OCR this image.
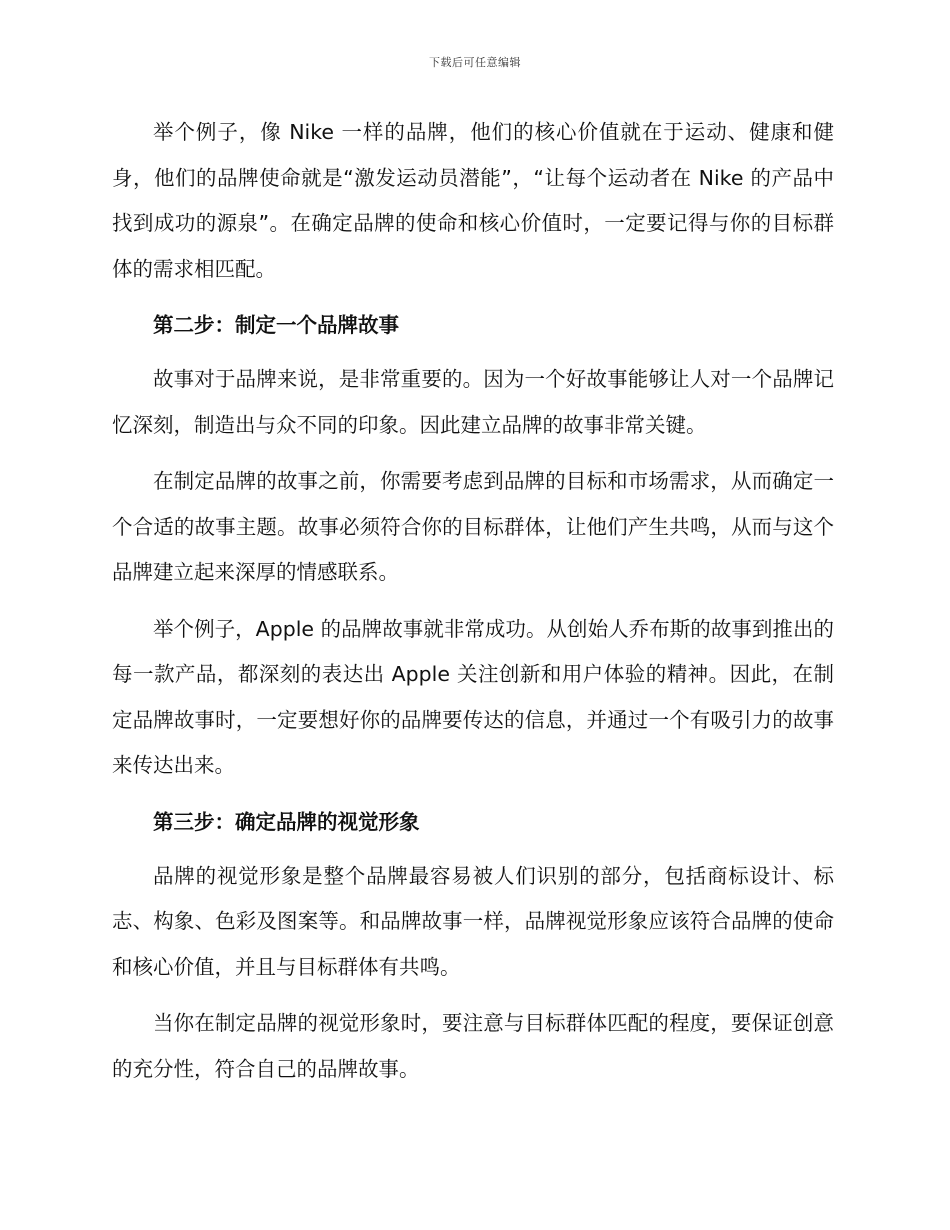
下载后可任意编辑

举个例子，像 Nike 一样的品牌，他们的核心价值就在于运动、健康和健身，他们的品牌使命就是“激发运动员潜能”，“让每个运动者在 Nike 的产品中找到成功的源泉”。在确定品牌的使命和核心价值时，一定要记得与你的目标群体的需求相匹配。

第二步：制定一个品牌故事

故事对于品牌来说，是非常重要的。因为一个好故事能够让人对一个品牌记忆深刻，制造出与众不同的印象。因此建立品牌的故事非常关键。

在制定品牌的故事之前，你需要考虑到品牌的目标和市场需求，从而确定一个合适的故事主题。故事必须符合你的目标群体，让他们产生共鸣，从而与这个品牌建立起来深厚的情感联系。

举个例子，Apple 的品牌故事就非常成功。从创始人乔布斯的故事到推出的每一款产品，都深刻的表达出 Apple 关注创新和用户体验的精神。因此，在制定品牌故事时，一定要想好你的品牌要传达的信息，并通过一个有吸引力的故事来传达出来。

第三步：确定品牌的视觉形象

品牌的视觉形象是整个品牌最容易被人们识别的部分，包括商标设计、标志、构象、色彩及图案等。和品牌故事一样，品牌视觉形象应该符合品牌的使命和核心价值，并且与目标群体有共鸣。

当你在制定品牌的视觉形象时，要注意与目标群体匹配的程度，要保证创意的充分性，符合自己的品牌故事。
